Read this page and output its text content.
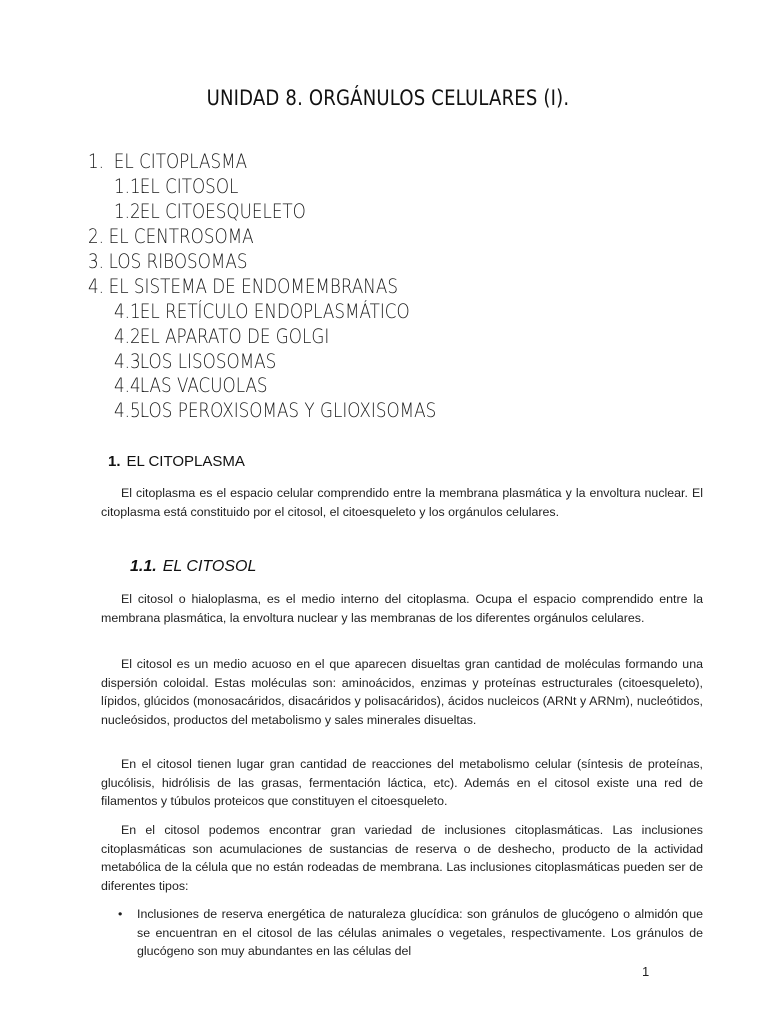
UNIDAD 8. ORGÁNULOS CELULARES (I).
1. EL CITOPLASMA
1.1.EL CITOSOL
1.2.EL CITOESQUELETO
2. EL CENTROSOMA
3. LOS RIBOSOMAS
4. EL SISTEMA DE ENDOMEMBRANAS
4.1.EL RETÍCULO ENDOPLASMÁTICO
4.2.EL APARATO DE GOLGI
4.3.LOS LISOSOMAS
4.4.LAS VACUOLAS
4.5.LOS PEROXISOMAS Y GLIOXISOMAS
1. EL CITOPLASMA

El citoplasma es el espacio celular comprendido entre la membrana plasmática y la envoltura nuclear. El citoplasma está constituido por el citosol, el citoesqueleto y los orgánulos celulares.

1.1. EL CITOSOL

El citosol o hialoplasma, es el medio interno del citoplasma. Ocupa el espacio comprendido entre la membrana plasmática, la envoltura nuclear y las membranas de los diferentes orgánulos celulares.

El citosol es un medio acuoso en el que aparecen disueltas gran cantidad de moléculas formando una dispersión coloidal. Estas moléculas son: aminoácidos, enzimas y proteínas estructurales (citoesqueleto), lípidos, glúcidos (monosacáridos, disacáridos y polisacáridos), ácidos nucleicos (ARNt y ARNm), nucleótidos, nucleósidos, productos del metabolismo y sales minerales disueltas.

En el citosol tienen lugar gran cantidad de reacciones del metabolismo celular (síntesis de proteínas, glucólisis, hidrólisis de las grasas, fermentación láctica, etc). Además en el citosol existe una red de filamentos y túbulos proteicos que constituyen el citoesqueleto.

En el citosol podemos encontrar gran variedad de inclusiones citoplasmáticas. Las inclusiones citoplasmáticas son acumulaciones de sustancias de reserva o de deshecho, producto de la actividad metabólica de la célula que no están rodeadas de membrana. Las inclusiones citoplasmáticas pueden ser de diferentes tipos:

• Inclusiones de reserva energética de naturaleza glucídica: son gránulos de glucógeno o almidón que se encuentran en el citosol de las células animales o vegetales, respectivamente. Los gránulos de glucógeno son muy abundantes en las células del

1
